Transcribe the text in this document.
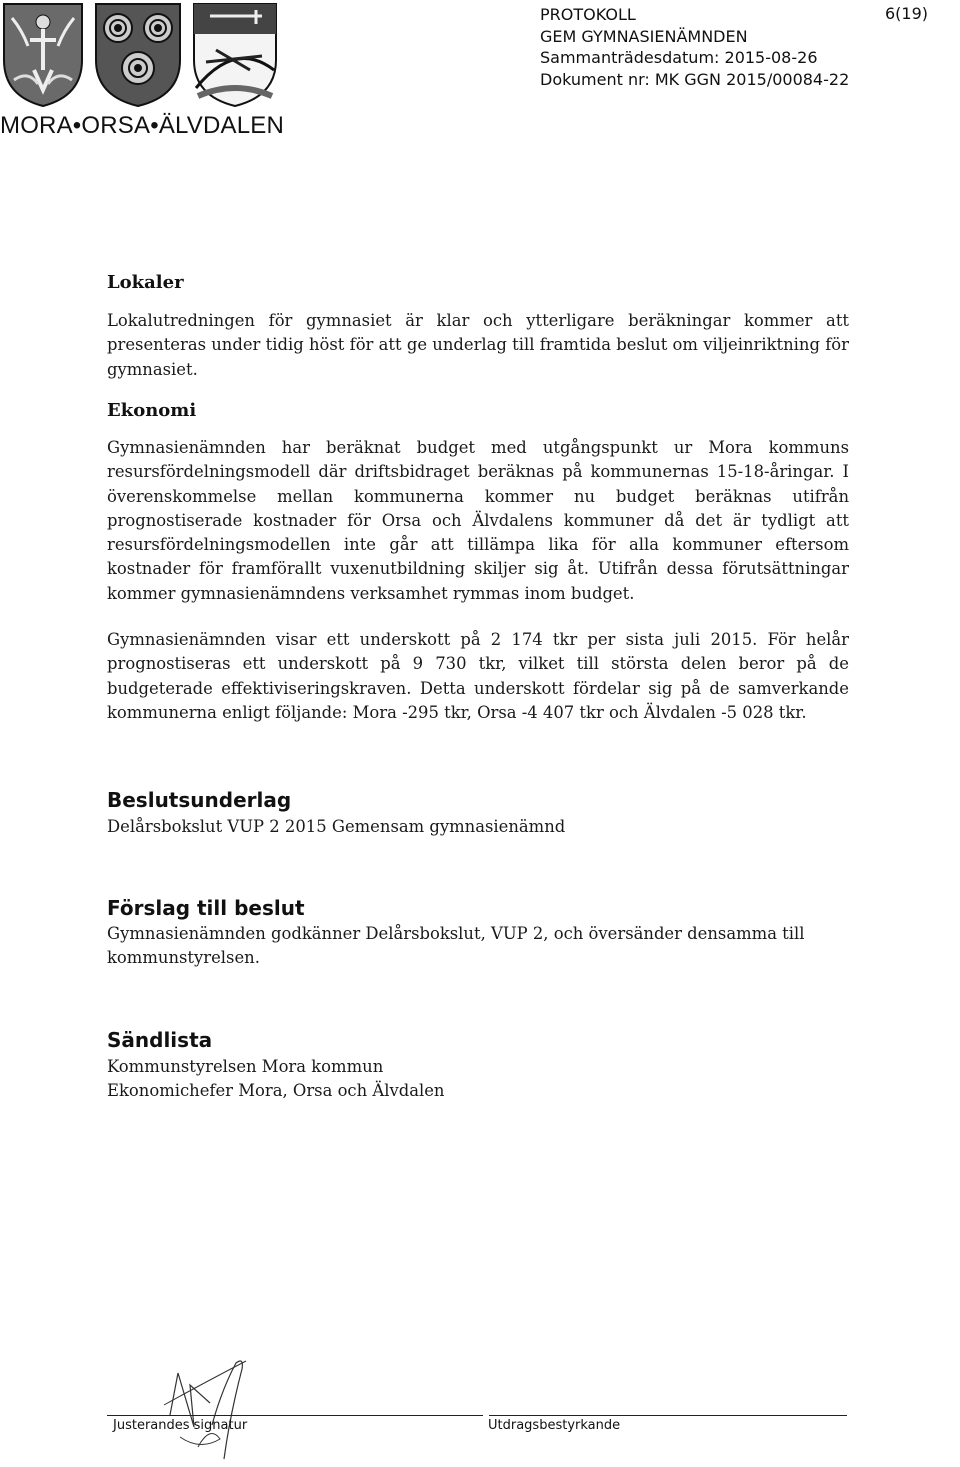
MORA•ORSA•ÄLVDALEN
PROTOKOLL
GEM GYMNASIENÄMNDEN
Sammanträdesdatum: 2015-08-26
Dokument nr: MK GGN 2015/00084-22
6(19)
Lokaler
Lokalutredningen för gymnasiet är klar och ytterligare beräkningar kommer att presenteras under tidig höst för att ge underlag till framtida beslut om viljeinriktning för gymnasiet.
Ekonomi
Gymnasienämnden har beräknat budget med utgångspunkt ur Mora kommuns resursfördelningsmodell där driftsbidraget beräknas på kommunernas 15-18-åringar. I överenskommelse mellan kommunerna kommer nu budget beräknas utifrån prognostiserade kostnader för Orsa och Älvdalens kommuner då det är tydligt att resursfördelningsmodellen inte går att tillämpa lika för alla kommuner eftersom kostnader för framförallt vuxenutbildning skiljer sig åt. Utifrån dessa förutsättningar kommer gymnasienämndens verksamhet rymmas inom budget.
Gymnasienämnden visar ett underskott på 2 174 tkr per sista juli 2015. För helår prognostiseras ett underskott på 9 730 tkr, vilket till största delen beror på de budgeterade effektiviseringskraven. Detta underskott fördelar sig på de samverkande kommunerna enligt följande: Mora -295 tkr, Orsa -4 407 tkr och Älvdalen -5 028 tkr.
Beslutsunderlag
Delårsbokslut VUP 2 2015 Gemensam gymnasienämnd
Förslag till beslut
Gymnasienämnden godkänner Delårsbokslut, VUP 2, och översänder densamma till kommunstyrelsen.
Sändlista
Kommunstyrelsen Mora kommun
Ekonomichefer Mora, Orsa och Älvdalen
Justerandes signatur	Utdragsbestyrkande
